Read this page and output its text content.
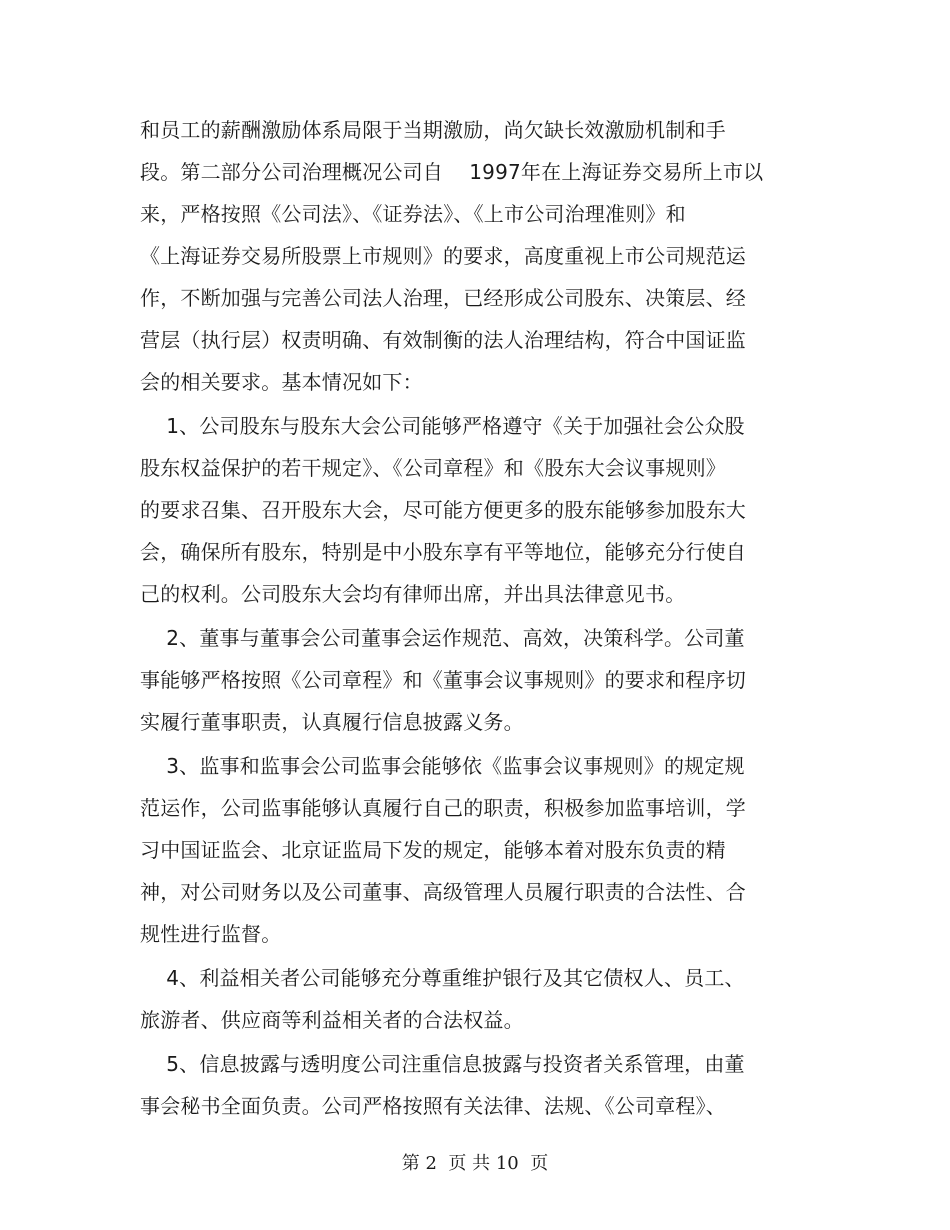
和员工的薪酬激励体系局限于当期激励，尚欠缺长效激励机制和手
段。第二部分公司治理概况公司自    1997年在上海证券交易所上市以
来，严格按照《公司法》、《证券法》、《上市公司治理准则》和
《上海证券交易所股票上市规则》的要求，高度重视上市公司规范运
作，不断加强与完善公司法人治理，已经形成公司股东、决策层、经
营层（执行层）权责明确、有效制衡的法人治理结构，符合中国证监
会的相关要求。基本情况如下：
1、公司股东与股东大会公司能够严格遵守《关于加强社会公众股
股东权益保护的若干规定》、《公司章程》和《股东大会议事规则》
的要求召集、召开股东大会，尽可能方便更多的股东能够参加股东大
会，确保所有股东，特别是中小股东享有平等地位，能够充分行使自
己的权利。公司股东大会均有律师出席，并出具法律意见书。
2、董事与董事会公司董事会运作规范、高效，决策科学。公司董
事能够严格按照《公司章程》和《董事会议事规则》的要求和程序切
实履行董事职责，认真履行信息披露义务。
3、监事和监事会公司监事会能够依《监事会议事规则》的规定规
范运作，公司监事能够认真履行自己的职责，积极参加监事培训，学
习中国证监会、北京证监局下发的规定，能够本着对股东负责的精
神，对公司财务以及公司董事、高级管理人员履行职责的合法性、合
规性进行监督。
4、利益相关者公司能够充分尊重维护银行及其它债权人、员工、
旅游者、供应商等利益相关者的合法权益。
5、信息披露与透明度公司注重信息披露与投资者关系管理，由董
事会秘书全面负责。公司严格按照有关法律、法规、《公司章程》、
第 2  页 共 10  页
